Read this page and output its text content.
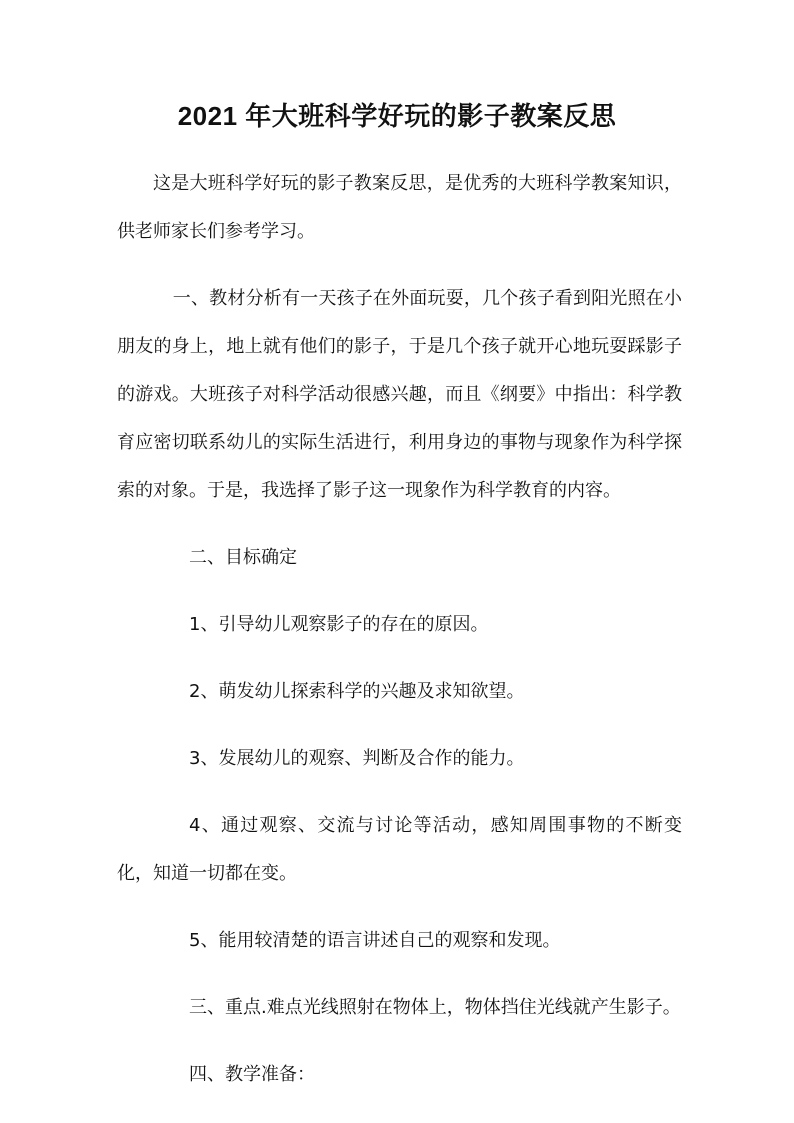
2021 年大班科学好玩的影子教案反思

这是大班科学好玩的影子教案反思，是优秀的大班科学教案知识，供老师家长们参考学习。

一、教材分析有一天孩子在外面玩耍，几个孩子看到阳光照在小朋友的身上，地上就有他们的影子，于是几个孩子就开心地玩耍踩影子的游戏。大班孩子对科学活动很感兴趣，而且《纲要》中指出：科学教育应密切联系幼儿的实际生活进行，利用身边的事物与现象作为科学探索的对象。于是，我选择了影子这一现象作为科学教育的内容。

二、目标确定

1、引导幼儿观察影子的存在的原因。

2、萌发幼儿探索科学的兴趣及求知欲望。

3、发展幼儿的观察、判断及合作的能力。

4、通过观察、交流与讨论等活动，感知周围事物的不断变化，知道一切都在变。

5、能用较清楚的语言讲述自己的观察和发现。

三、重点.难点光线照射在物体上，物体挡住光线就产生影子。

四、教学准备：
